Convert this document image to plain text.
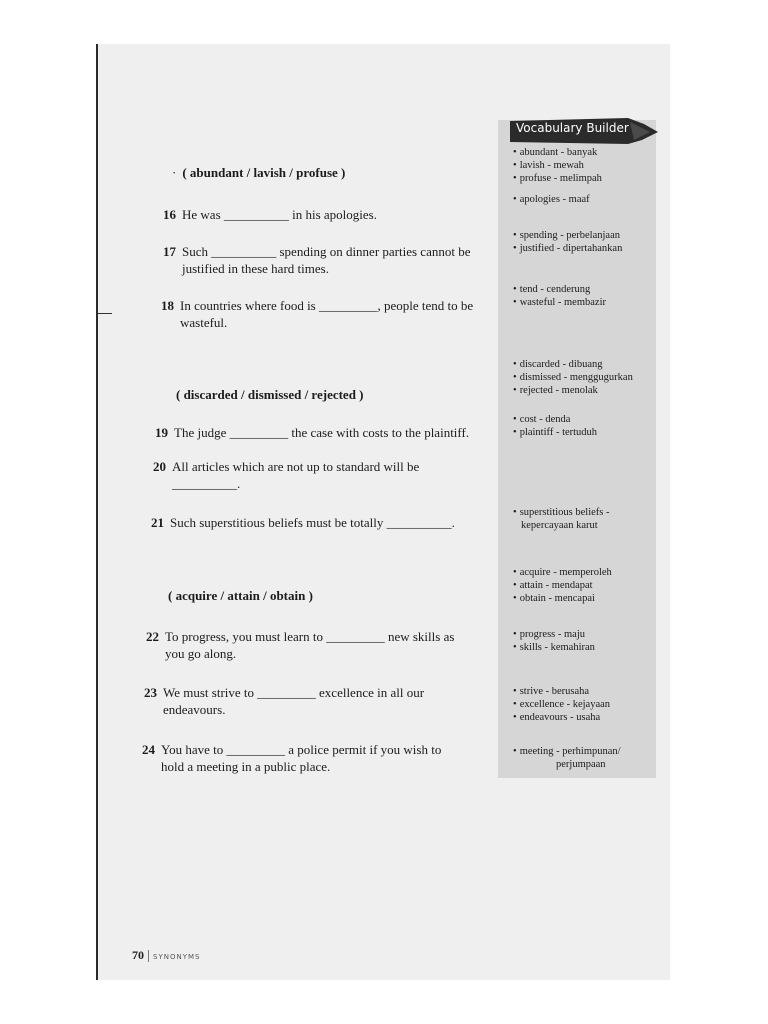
Vocabulary Builder
· ( abundant / lavish / profuse )
( discarded / dismissed / rejected )
( acquire / attain / obtain )
16 He was __________ in his apologies.
17 Such __________ spending on dinner parties cannot be
justified in these hard times.
18 In countries where food is _________, people tend to be
wasteful.
19 The judge _________ the case with costs to the plaintiff.
20 All articles which are not up to standard will be
__________.
21 Such superstitious beliefs must be totally __________.
22 To progress, you must learn to _________ new skills as
you go along.
23 We must strive to _________ excellence in all our
endeavours.
24 You have to _________ a police permit if you wish to
hold a meeting in a public place.
• abundant - banyak
• lavish - mewah
• profuse - melimpah
• apologies - maaf
• spending - perbelanjaan
• justified - dipertahankan
• tend - cenderung
• wasteful - membazir
• discarded - dibuang
• dismissed - menggugurkan
• rejected - menolak
• cost - denda
• plaintiff - tertuduh
• superstitious beliefs -
kepercayaan karut
• acquire - memperoleh
• attain - mendapat
• obtain - mencapai
• progress - maju
• skills - kemahiran
• strive - berusaha
• excellence - kejayaan
• endeavours - usaha
• meeting - perhimpunan/
perjumpaan
70 SYNONYMS
